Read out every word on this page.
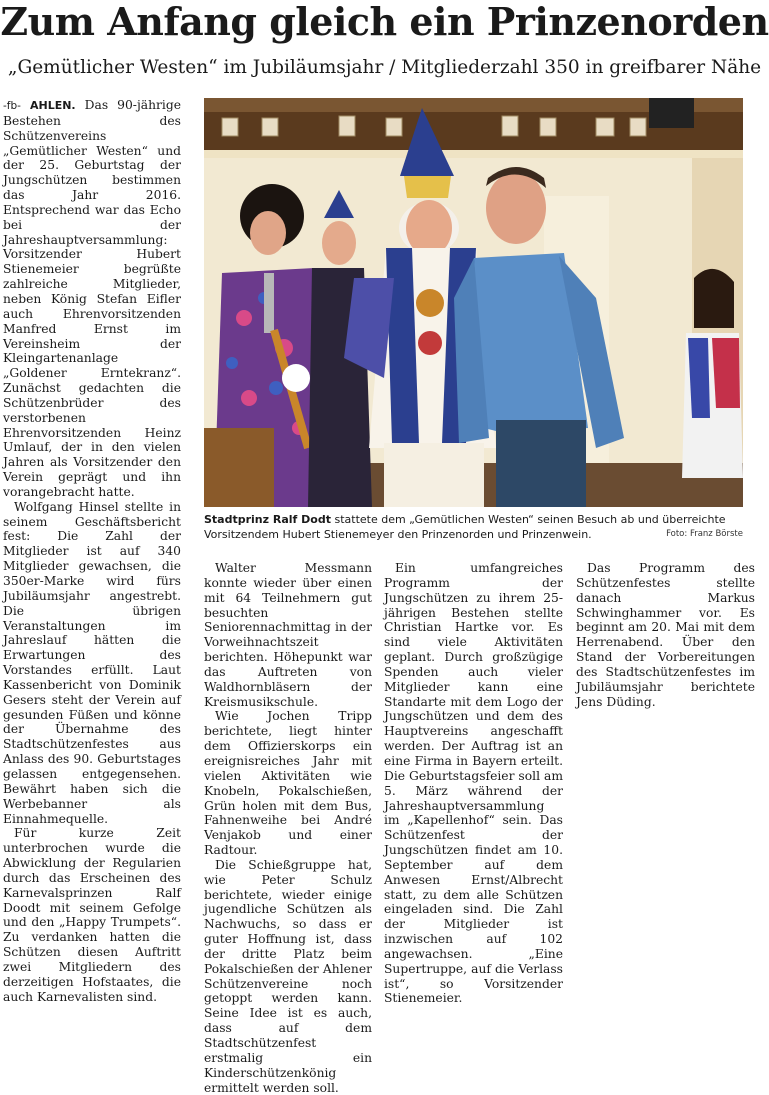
Zum Anfang gleich ein Prinzenorden
„Gemütlicher Westen“ im Jubiläumsjahr / Mitgliederzahl 350 in greifbarer Nähe

-fb- AHLEN. Das 90-jährige Bestehen des Schützenvereins „Gemütlicher Westen“ und der 25. Geburtstag der Jungschützen bestimmen das Jahr 2016. Entsprechend war das Echo bei der Jahreshauptversammlung: Vorsitzender Hubert Stienemeier begrüßte zahlreiche Mitglieder, neben König Stefan Eifler auch Ehrenvorsitzenden Manfred Ernst im Vereinsheim der Kleingartenanlage „Goldener Erntekranz“. Zunächst gedachten die Schützenbrüder des verstorbenen Ehrenvorsitzenden Heinz Umlauf, der in den vielen Jahren als Vorsitzender den Verein geprägt und ihn vorangebracht hatte.

Wolfgang Hinsel stellte in seinem Geschäftsbericht fest: Die Zahl der Mitglieder ist auf 340 Mitglieder gewachsen, die 350er-Marke wird fürs Jubiläumsjahr angestrebt. Die übrigen Veranstaltungen im Jahreslauf hätten die Erwartungen des Vorstandes erfüllt. Laut Kassenbericht von Dominik Gesers steht der Verein auf gesunden Füßen und könne der Übernahme des Stadtschützenfestes aus Anlass des 90. Geburtstages gelassen entgegensehen. Bewährt haben sich die Werbebanner als Einnahmequelle.

Für kurze Zeit unterbrochen wurde die Abwicklung der Regularien durch das Erscheinen des Karnevalsprinzen Ralf Doodt mit seinem Gefolge und den „Happy Trumpets“. Zu verdanken hatten die Schützen diesen Auftritt zwei Mitgliedern des derzeitigen Hofstaates, die auch Karnevalisten sind.

Stadtprinz Ralf Dodt stattete dem „Gemütlichen Westen“ seinen Besuch ab und überreichte Vorsitzendem Hubert Stienemeyer den Prinzenorden und Prinzenwein.	Foto: Franz Börste

Walter Messmann konnte wieder über einen mit 64 Teilnehmern gut besuchten Seniorennachmittag in der Vorweihnachtszeit berichten. Höhepunkt war das Auftreten von Waldhornbläsern der Kreismusikschule.

Wie Jochen Tripp berichtete, liegt hinter dem Offizierskorps ein ereignisreiches Jahr mit vielen Aktivitäten wie Knobeln, Pokalschießen, Grün holen mit dem Bus, Fahnenweihe bei André Venjakob und einer Radtour.

Die Schießgruppe hat, wie Peter Schulz berichtete, wieder einige jugendliche Schützen als Nachwuchs, so dass er guter Hoffnung ist, dass der dritte Platz beim Pokalschießen der Ahlener Schützenvereine noch getoppt werden kann. Seine Idee ist es auch, dass auf dem Stadtschützenfest erstmalig ein Kinderschützenkönig ermittelt werden soll.

Ein umfangreiches Programm der Jungschützen zu ihrem 25-jährigen Bestehen stellte Christian Hartke vor. Es sind viele Aktivitäten geplant. Durch großzügige Spenden auch vieler Mitglieder kann eine Standarte mit dem Logo der Jungschützen und dem des Hauptvereins angeschafft werden. Der Auftrag ist an eine Firma in Bayern erteilt. Die Geburtstagsfeier soll am 5. März während der Jahreshauptversammlung im „Kapellenhof“ sein. Das Schützenfest der Jungschützen findet am 10. September auf dem Anwesen Ernst/Albrecht statt, zu dem alle Schützen eingeladen sind. Die Zahl der Mitglieder ist inzwischen auf 102 angewachsen. „Eine Supertruppe, auf die Verlass ist“, so Vorsitzender Stienemeier.

Das Programm des Schützenfestes stellte danach Markus Schwinghammer vor. Es beginnt am 20. Mai mit dem Herrenabend. Über den Stand der Vorbereitungen des Stadtschützenfestes im Jubiläumsjahr berichtete Jens Düding.
